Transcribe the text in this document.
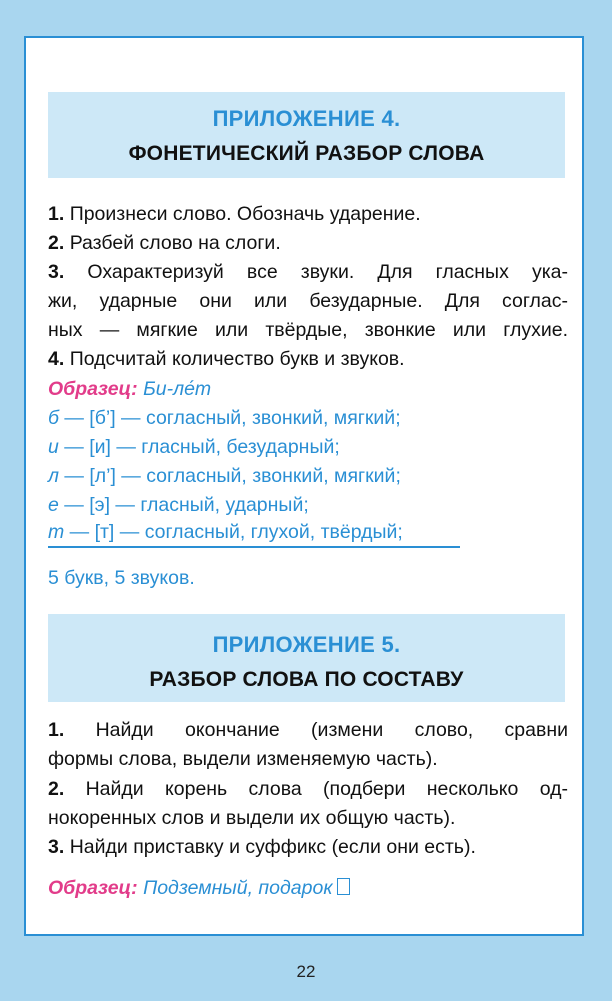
ПРИЛОЖЕНИЕ 4.
ФОНЕТИЧЕСКИЙ РАЗБОР СЛОВА
1. Произнеси слово. Обозначь ударение.
2. Разбей слово на слоги.
3. Охарактеризуй все звуки. Для гласных ука-
жи, ударные они или безударные. Для соглас-
ных — мягкие или твёрдые, звонкие или глухие.
4. Подсчитай количество букв и звуков.
Образец: Би-ле́т
б — [б’] — согласный, звонкий, мягкий;
и — [и] — гласный, безударный;
л — [л’] — согласный, звонкий, мягкий;
е — [э] — гласный, ударный;
т — [т] — согласный, глухой, твёрдый;
5 букв, 5 звуков.
ПРИЛОЖЕНИЕ 5.
РАЗБОР СЛОВА ПО СОСТАВУ
1. Найди окончание (измени слово, сравни
формы слова, выдели изменяемую часть).
2. Найди корень слова (подбери несколько од-
нокоренных слов и выдели их общую часть).
3. Найди приставку и суффикс (если они есть).
Образец: Подземный, подарок
22
